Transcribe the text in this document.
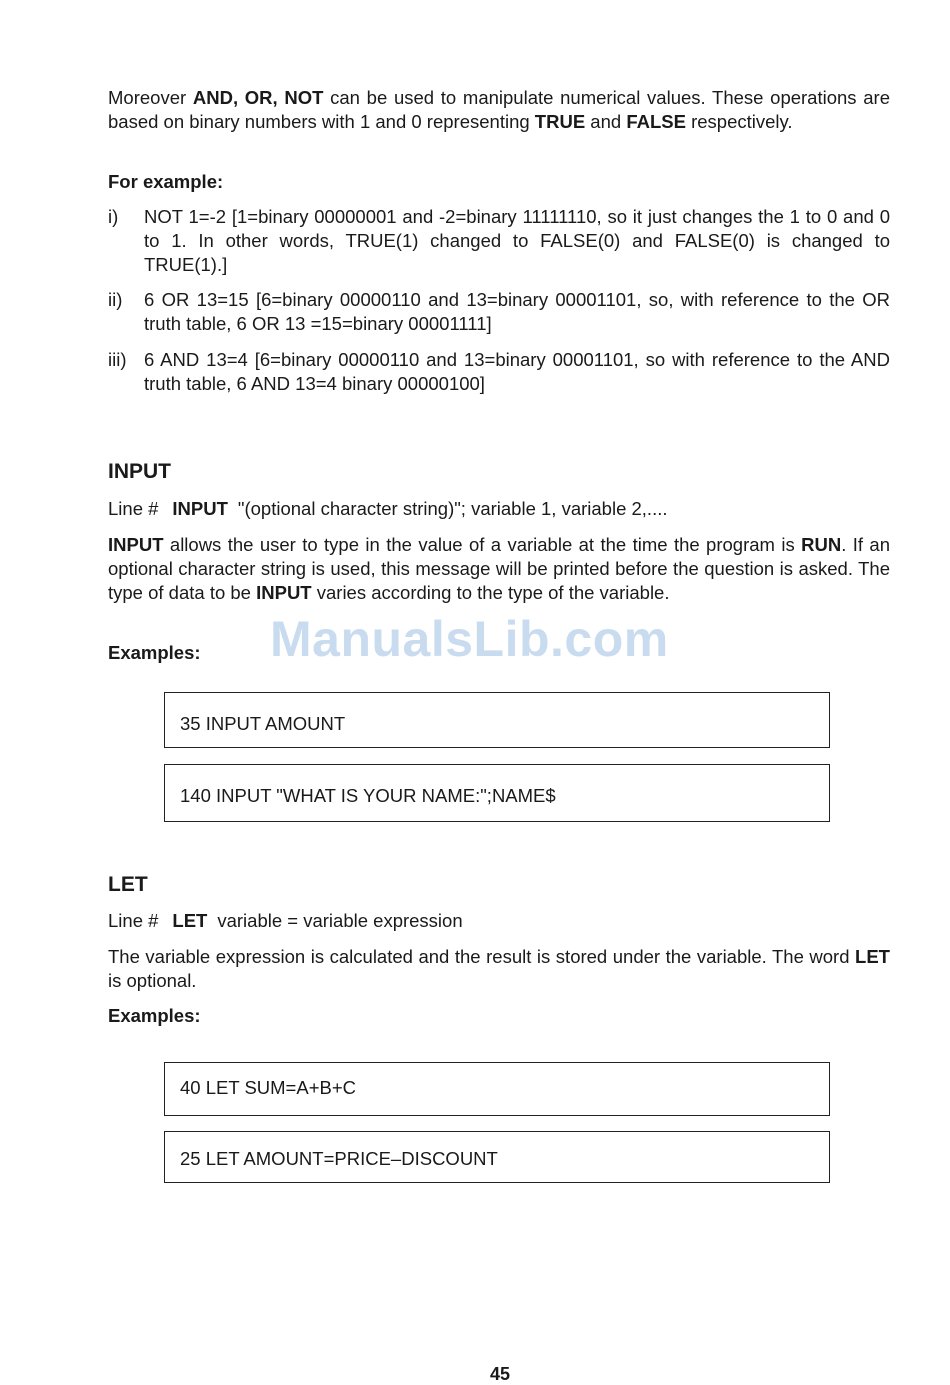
Moreover AND, OR, NOT can be used to manipulate numerical values. These operations are based on binary numbers with 1 and 0 representing TRUE and FALSE respectively.
For example:
i) NOT 1=-2 [1=binary 00000001 and -2=binary 11111110, so it just changes the 1 to 0 and 0 to 1. In other words, TRUE(1) changed to FALSE(0) and FALSE(0) is changed to TRUE(1).]
ii) 6 OR 13=15 [6=binary 00000110 and 13=binary 00001101, so, with reference to the OR truth table, 6 OR 13 =15=binary 00001111]
iii) 6 AND 13=4 [6=binary 00000110 and 13=binary 00001101, so with reference to the AND truth table, 6 AND 13=4 binary 00000100]
INPUT
Line # INPUT "(optional character string)"; variable 1, variable 2,....
INPUT allows the user to type in the value of a variable at the time the program is RUN. If an optional character string is used, this message will be printed before the question is asked. The type of data to be INPUT varies according to the type of the variable.
Examples: ManualsLib.com
35 INPUT AMOUNT
140 INPUT "WHAT IS YOUR NAME:";NAME$
LET
Line # LET variable = variable expression
The variable expression is calculated and the result is stored under the variable. The word LET is optional.
Examples:
40 LET SUM=A+B+C
25 LET AMOUNT=PRICE–DISCOUNT
45
